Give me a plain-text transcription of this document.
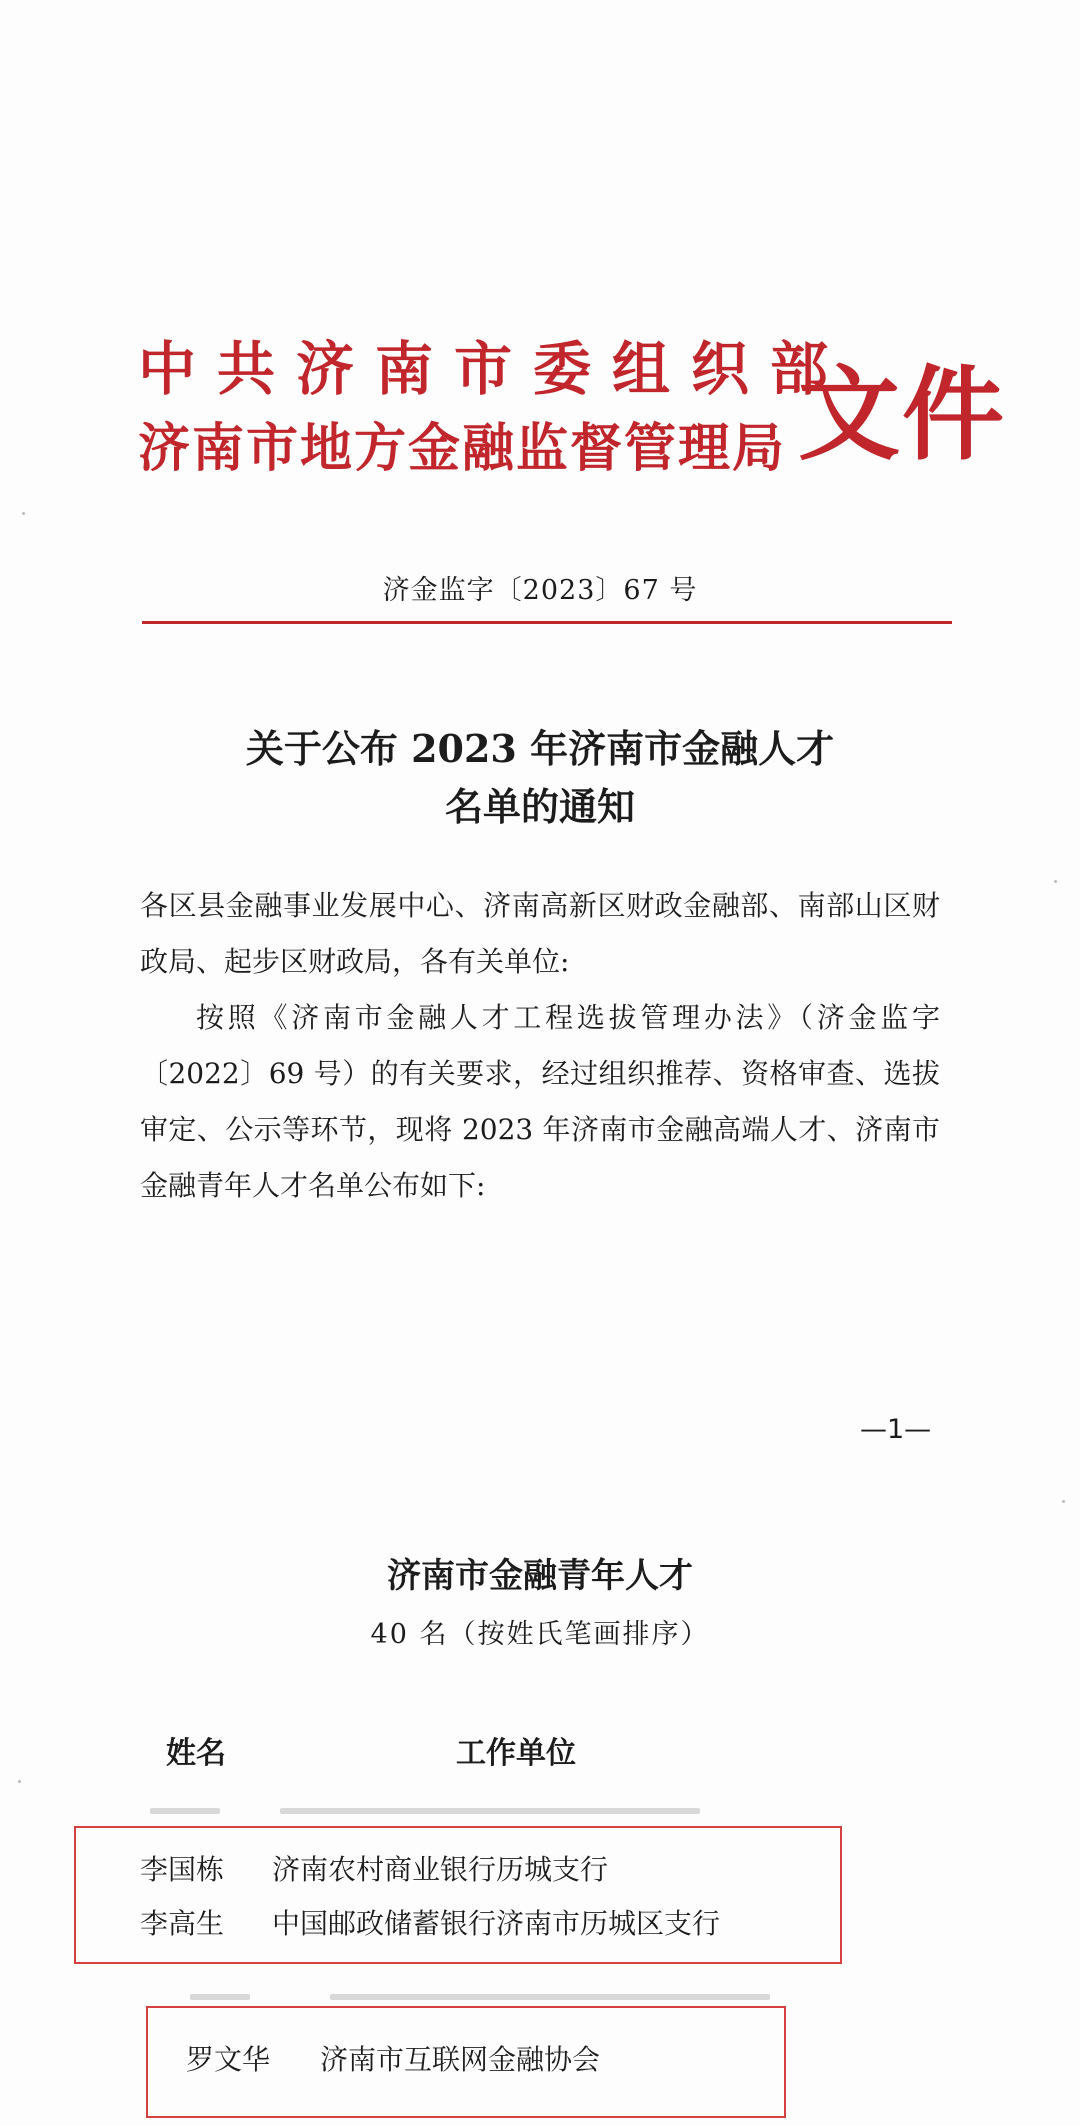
中共济南市委组织部
济南市地方金融监督管理局 文件
济金监字〔2023〕67 号
关于公布 2023 年济南市金融人才
名单的通知
各区县金融事业发展中心、济南高新区财政金融部、南部山区财政局、起步区财政局，各有关单位:
按照《济南市金融人才工程选拔管理办法》（济金监字〔2022〕69 号）的有关要求，经过组织推荐、资格审查、选拔审定、公示等环节，现将 2023 年济南市金融高端人才、济南市金融青年人才名单公布如下:
—1—
济南市金融青年人才
40 名（按姓氏笔画排序）
姓名	工作单位
李国栋 济南农村商业银行历城支行
李高生 中国邮政储蓄银行济南市历城区支行
罗文华 济南市互联网金融协会
